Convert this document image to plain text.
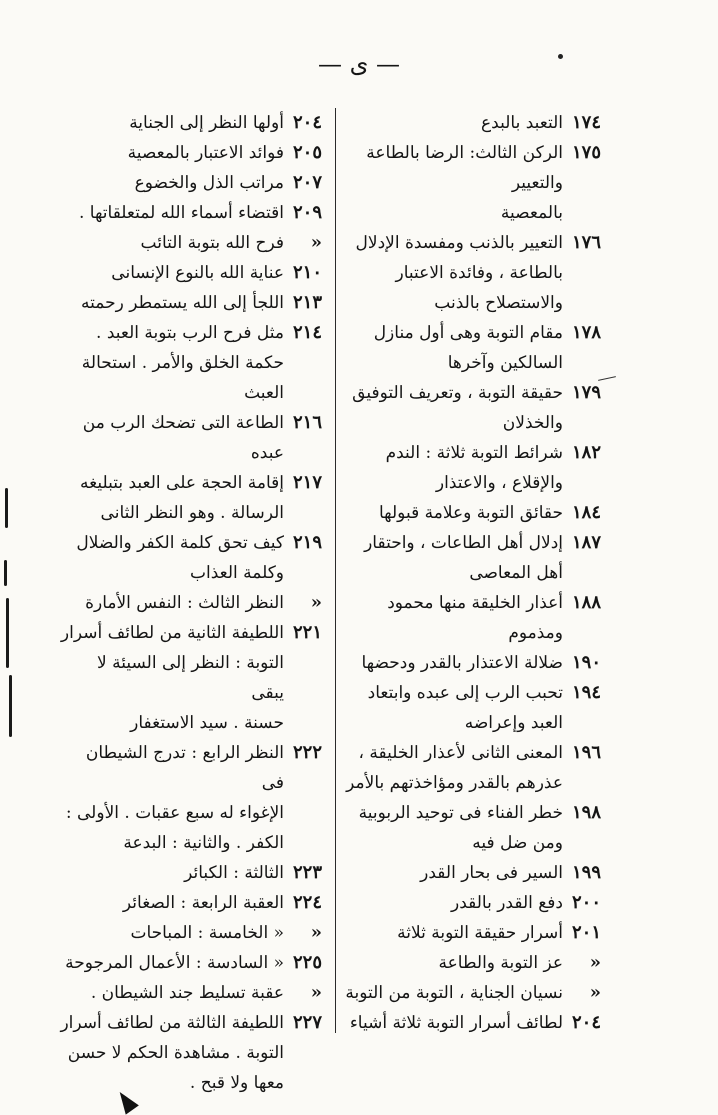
— ى —
١٧٤
التعبد بالبدع
١٧٥
الركن الثالث: الرضا بالطاعة والتعيير
بالمعصية
١٧٦
التعيير بالذنب ومفسدة الإدلال
بالطاعة ، وفائدة الاعتبار
والاستصلاح بالذنب
١٧٨
مقام التوبة وهى أول منازل
السالكين وآخرها
١٧٩
حقيقة التوبة ، وتعريف التوفيق
والخذلان
١٨٢
شرائط التوبة ثلاثة : الندم
والإقلاع ، والاعتذار
١٨٤
حقائق التوبة وعلامة قبولها
١٨٧
إدلال أهل الطاعات ، واحتقار
أهل المعاصى
١٨٨
أعذار الخليقة منها محمود ومذموم
١٩٠
ضلالة الاعتذار بالقدر ودحضها
١٩٤
تحبب الرب إلى عبده وابتعاد
العبد وإعراضه
١٩٦
المعنى الثانى لأعذار الخليقة ،
عذرهم بالقدر ومؤاخذتهم بالأمر
١٩٨
خطر الفناء فى توحيد الربوبية
ومن ضل فيه
١٩٩
السير فى بحار القدر
٢٠٠
دفع القدر بالقدر
٢٠١
أسرار حقيقة التوبة ثلاثة
«
عز التوبة والطاعة
«
نسيان الجناية ، التوبة من التوبة
٢٠٤
لطائف أسرار التوبة ثلاثة أشياء
٢٠٤
أولها النظر إلى الجناية
٢٠٥
فوائد الاعتبار بالمعصية
٢٠٧
مراتب الذل والخضوع
٢٠٩
اقتضاء أسماء الله لمتعلقاتها .
«
فرح الله بتوبة التائب
٢١٠
عناية الله بالنوع الإنسانى
٢١٣
اللجأ إلى الله يستمطر رحمته
٢١٤
مثل فرح الرب بتوبة العبد .
حكمة الخلق والأمر . استحالة العبث
٢١٦
الطاعة التى تضحك الرب من عبده
٢١٧
إقامة الحجة على العبد بتبليغه
الرسالة . وهو النظر الثانى
٢١٩
كيف تحق كلمة الكفر والضلال
وكلمة العذاب
«
النظر الثالث : النفس الأمارة
٢٢١
اللطيفة الثانية من لطائف أسرار
التوبة : النظر إلى السيئة لا يبقى
حسنة . سيد الاستغفار
٢٢٢
النظر الرابع : تدرج الشيطان فى
الإغواء له سبع عقبات . الأولى :
الكفر . والثانية : البدعة
٢٢٣
الثالثة : الكبائر
٢٢٤
العقبة الرابعة : الصغائر
«
« الخامسة : المباحات
٢٢٥
« السادسة : الأعمال المرجوحة
«
عقبة تسليط جند الشيطان .
٢٢٧
اللطيفة الثالثة من لطائف أسرار
التوبة . مشاهدة الحكم لا حسن
معها ولا قبح .
